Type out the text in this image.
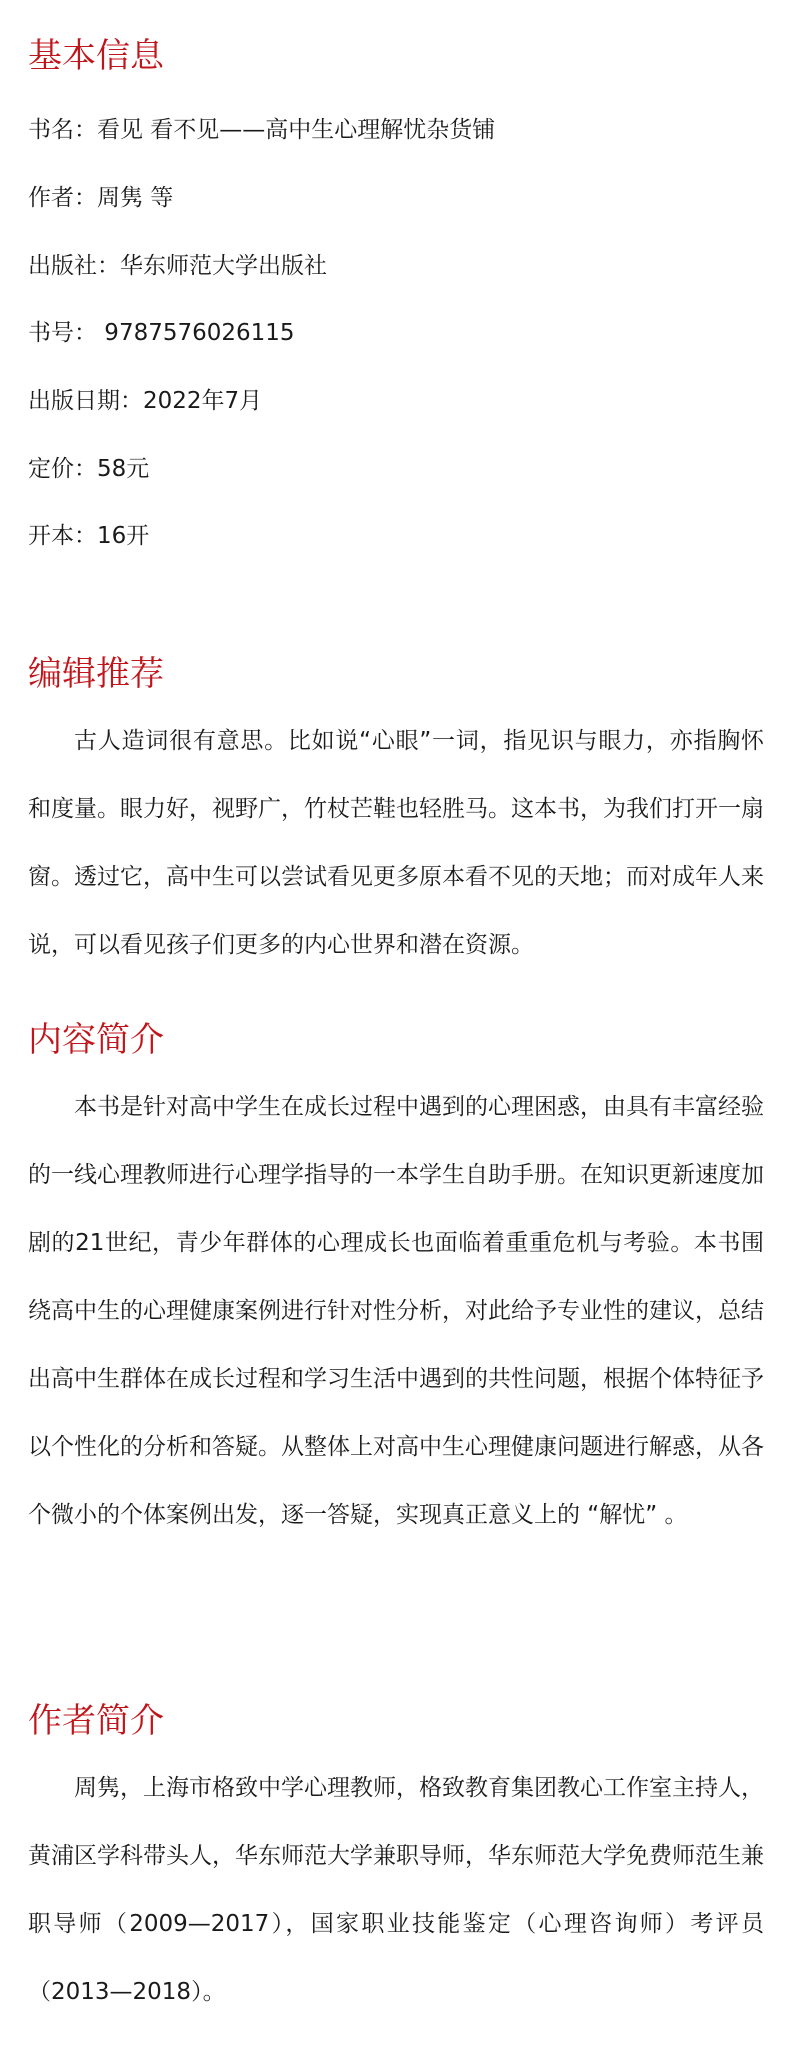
基本信息

书名：看见 看不见——高中生心理解忧杂货铺

作者：周隽 等

出版社：华东师范大学出版社

书号： 9787576026115

出版日期：2022年7月

定价：58元

开本：16开

编辑推荐

古人造词很有意思。比如说“心眼”一词，指见识与眼力，亦指胸怀和度量。眼力好，视野广，竹杖芒鞋也轻胜马。这本书，为我们打开一扇窗。透过它，高中生可以尝试看见更多原本看不见的天地；而对成年人来说，可以看见孩子们更多的内心世界和潜在资源。

内容简介

本书是针对高中学生在成长过程中遇到的心理困惑，由具有丰富经验的一线心理教师进行心理学指导的一本学生自助手册。在知识更新速度加剧的21世纪，青少年群体的心理成长也面临着重重危机与考验。本书围绕高中生的心理健康案例进行针对性分析，对此给予专业性的建议，总结出高中生群体在成长过程和学习生活中遇到的共性问题，根据个体特征予以个性化的分析和答疑。从整体上对高中生心理健康问题进行解惑，从各个微小的个体案例出发，逐一答疑，实现真正意义上的 “解忧” 。

作者简介

周隽，上海市格致中学心理教师，格致教育集团教心工作室主持人，黄浦区学科带头人，华东师范大学兼职导师，华东师范大学免费师范生兼职导师（2009—2017），国家职业技能鉴定（心理咨询师）考评员（2013—2018）。
